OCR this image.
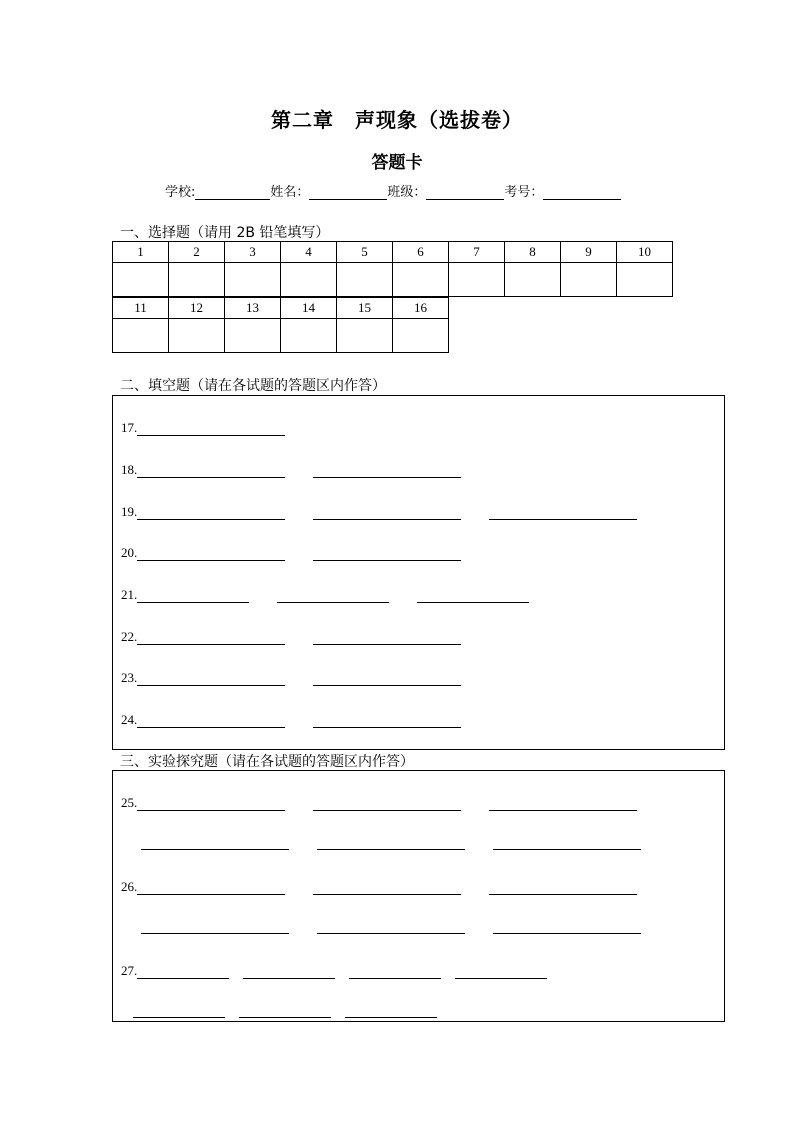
第二章　声现象（选拔卷）
答题卡
学校:	姓名：	班级：	考号：
一、选择题（请用 2B 铅笔填写）
1	2	3	4	5	6	7	8	9	10

11	12	13	14	15	16

二、填空题（请在各试题的答题区内作答）
17.
18.
19.
20.
21.
22.
23.
24.
三、实验探究题（请在各试题的答题区内作答）
25.
26.
27.
